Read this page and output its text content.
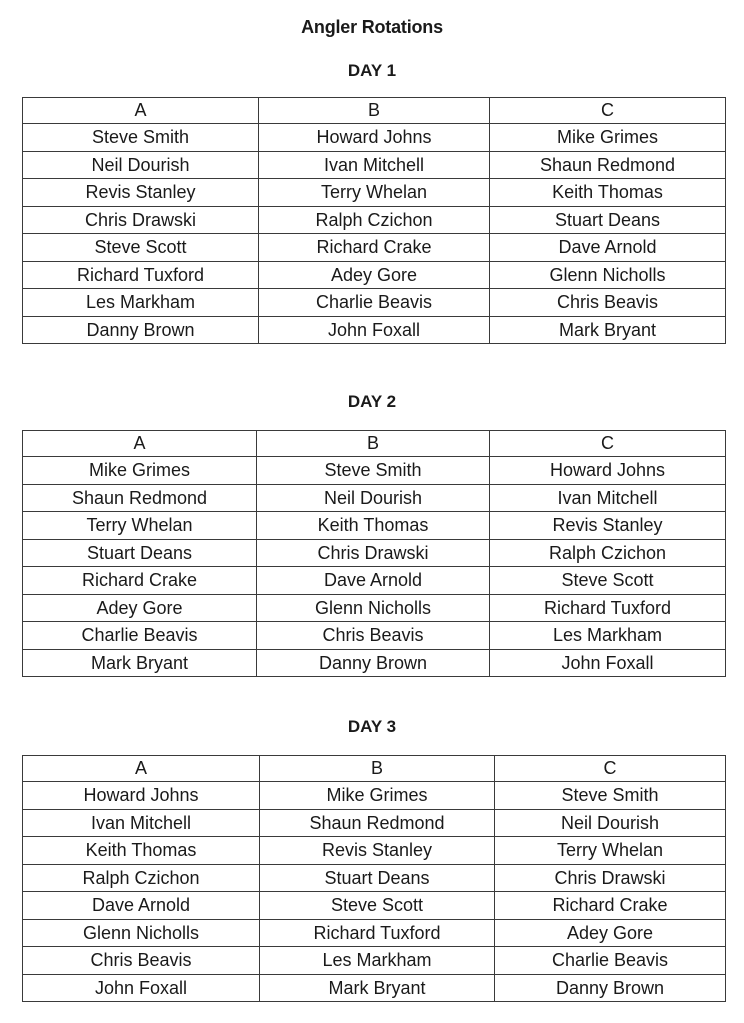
Angler Rotations
DAY 1
A	B	C
Steve Smith	Howard Johns	Mike Grimes
Neil Dourish	Ivan Mitchell	Shaun Redmond
Revis Stanley	Terry Whelan	Keith Thomas
Chris Drawski	Ralph Czichon	Stuart Deans
Steve Scott	Richard Crake	Dave Arnold
Richard Tuxford	Adey Gore	Glenn Nicholls
Les Markham	Charlie Beavis	Chris Beavis
Danny Brown	John Foxall	Mark Bryant
DAY 2
A	B	C
Mike Grimes	Steve Smith	Howard Johns
Shaun Redmond	Neil Dourish	Ivan Mitchell
Terry Whelan	Keith Thomas	Revis Stanley
Stuart Deans	Chris Drawski	Ralph Czichon
Richard Crake	Dave Arnold	Steve Scott
Adey Gore	Glenn Nicholls	Richard Tuxford
Charlie Beavis	Chris Beavis	Les Markham
Mark Bryant	Danny Brown	John Foxall
DAY 3
A	B	C
Howard Johns	Mike Grimes	Steve Smith
Ivan Mitchell	Shaun Redmond	Neil Dourish
Keith Thomas	Revis Stanley	Terry Whelan
Ralph Czichon	Stuart Deans	Chris Drawski
Dave Arnold	Steve Scott	Richard Crake
Glenn Nicholls	Richard Tuxford	Adey Gore
Chris Beavis	Les Markham	Charlie Beavis
John Foxall	Mark Bryant	Danny Brown
